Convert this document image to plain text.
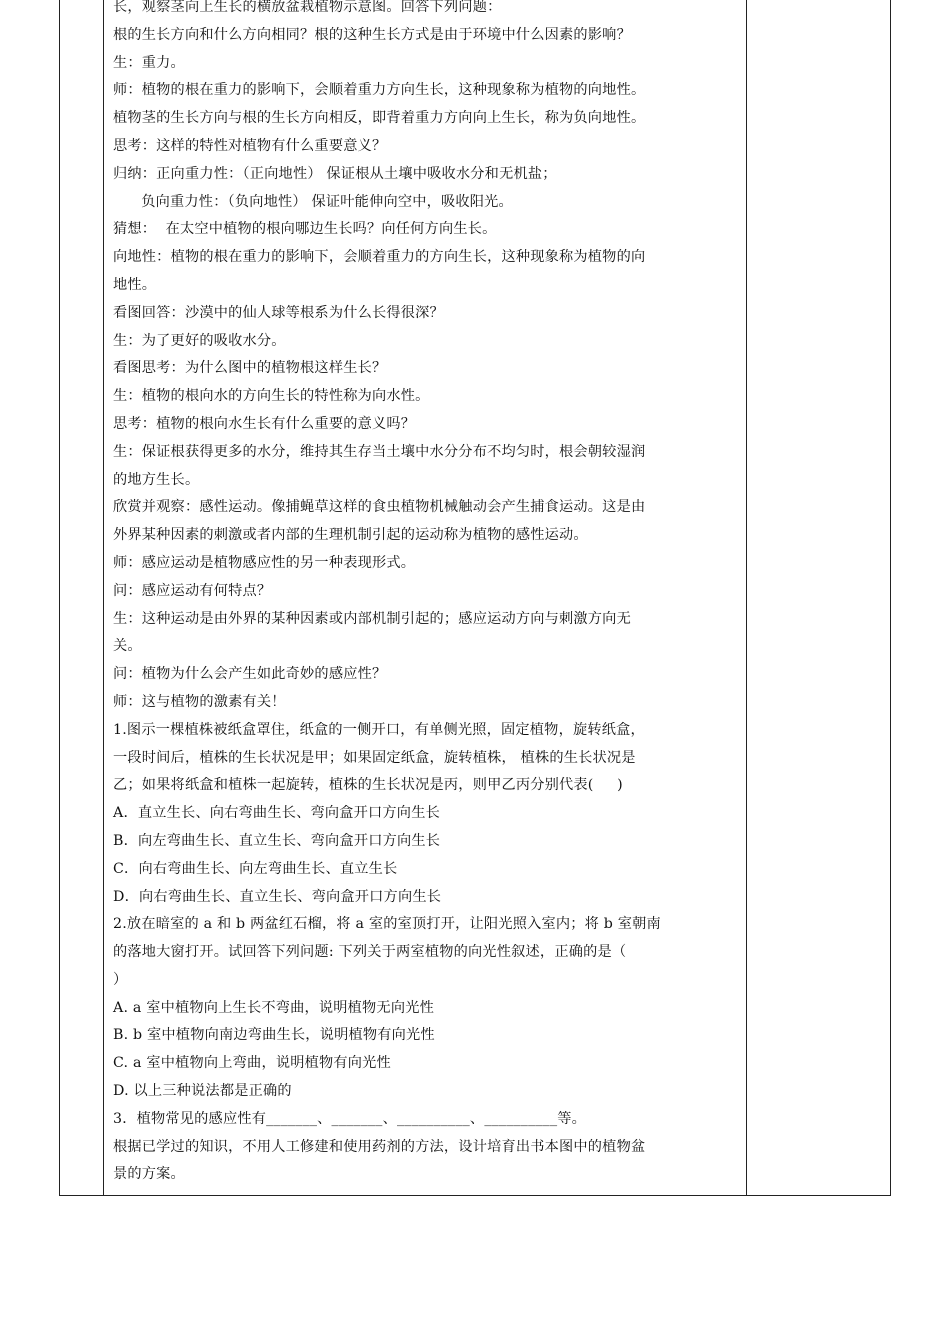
长，观察茎向上生长的横放盆栽植物示意图。回答下列问题：
根的生长方向和什么方向相同？根的这种生长方式是由于环境中什么因素的影响？
生：重力。
师：植物的根在重力的影响下，会顺着重力方向生长，这种现象称为植物的向地性。
植物茎的生长方向与根的生长方向相反，即背着重力方向向上生长，称为负向地性。
思考：这样的特性对植物有什么重要意义？
归纳：正向重力性：（正向地性） 保证根从土壤中吸收水分和无机盐；
负向重力性：（负向地性） 保证叶能伸向空中，吸收阳光。
猜想：  在太空中植物的根向哪边生长吗？向任何方向生长。
向地性：植物的根在重力的影响下，会顺着重力的方向生长，这种现象称为植物的向
地性。
看图回答：沙漠中的仙人球等根系为什么长得很深？
生：为了更好的吸收水分。
看图思考：为什么图中的植物根这样生长？
生：植物的根向水的方向生长的特性称为向水性。
思考：植物的根向水生长有什么重要的意义吗？
生：保证根获得更多的水分，维持其生存当土壤中水分分布不均匀时，根会朝较湿润
的地方生长。
欣赏并观察：感性运动。像捕蝇草这样的食虫植物机械触动会产生捕食运动。这是由
外界某种因素的刺激或者内部的生理机制引起的运动称为植物的感性运动。
师：感应运动是植物感应性的另一种表现形式。
问：感应运动有何特点？
生：这种运动是由外界的某种因素或内部机制引起的；感应运动方向与刺激方向无
关。
问：植物为什么会产生如此奇妙的感应性？
师：这与植物的激素有关！
1.图示一棵植株被纸盒罩住，纸盒的一侧开口，有单侧光照，固定植物，旋转纸盒，
一段时间后，植株的生长状况是甲；如果固定纸盒，旋转植株， 植株的生长状况是
乙；如果将纸盒和植株一起旋转，植株的生长状况是丙，则甲乙丙分别代表(     )
A．直立生长、向右弯曲生长、弯向盒开口方向生长
B．向左弯曲生长、直立生长、弯向盒开口方向生长
C．向右弯曲生长、向左弯曲生长、直立生长
D．向右弯曲生长、直立生长、弯向盒开口方向生长
2.放在暗室的 a 和 b 两盆红石榴，将 a 室的室顶打开，让阳光照入室内；将 b 室朝南
的落地大窗打开。试回答下列问题: 下列关于两室植物的向光性叙述，正确的是（
）
A. a 室中植物向上生长不弯曲，说明植物无向光性
B. b 室中植物向南边弯曲生长，说明植物有向光性
C. a 室中植物向上弯曲，说明植物有向光性
D. 以上三种说法都是正确的
3．植物常见的感应性有_______、_______、__________、__________等。
根据已学过的知识，不用人工修建和使用药剂的方法，设计培育出书本图中的植物盆
景的方案。
